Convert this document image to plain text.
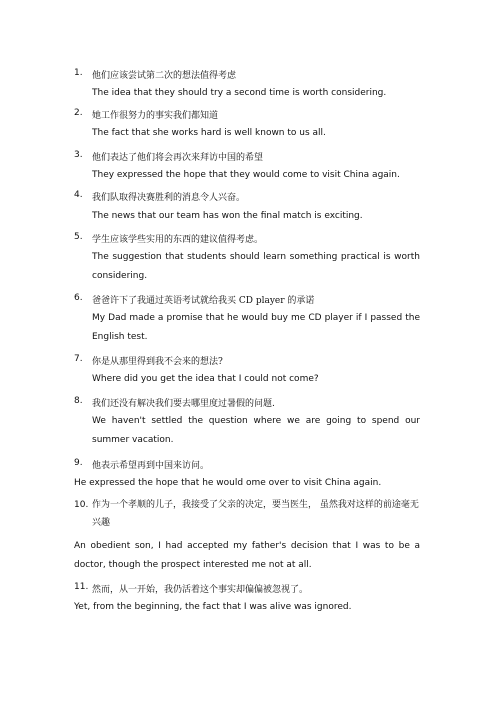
1. 他们应该尝试第二次的想法值得考虑
The idea that they should try a second time is worth considering.
2. 她工作很努力的事实我们都知道
The fact that she works hard is well known to us all.
3. 他们表达了他们将会再次来拜访中国的希望
They expressed the hope that they would come to visit China again.
4. 我们队取得决赛胜利的消息令人兴奋。
The news that our team has won the final match is exciting.
5. 学生应该学些实用的东西的建议值得考虑。
The suggestion that students should learn something practical is worth considering.
6. 爸爸许下了我通过英语考试就给我买 CD player 的承诺
My Dad made a promise that he would buy me CD player if I passed the English test.
7. 你是从那里得到我不会来的想法?
Where did you get the idea that I could not come?
8. 我们还没有解决我们要去哪里度过暑假的问题.
We haven't settled the question where we are going to spend our summer vacation.
9. 他表示希望再到中国来访问。
He expressed the hope that he would ome over to visit China again.
10. 作为一个孝顺的儿子，我接受了父亲的决定，要当医生， 虽然我对这样的前途毫无兴趣
An obedient son, I had accepted my father's decision that I was to be a doctor, though the prospect interested me not at all.
11. 然而，从一开始，我仍活着这个事实却偏偏被忽视了。
Yet, from the beginning, the fact that I was alive was ignored.
